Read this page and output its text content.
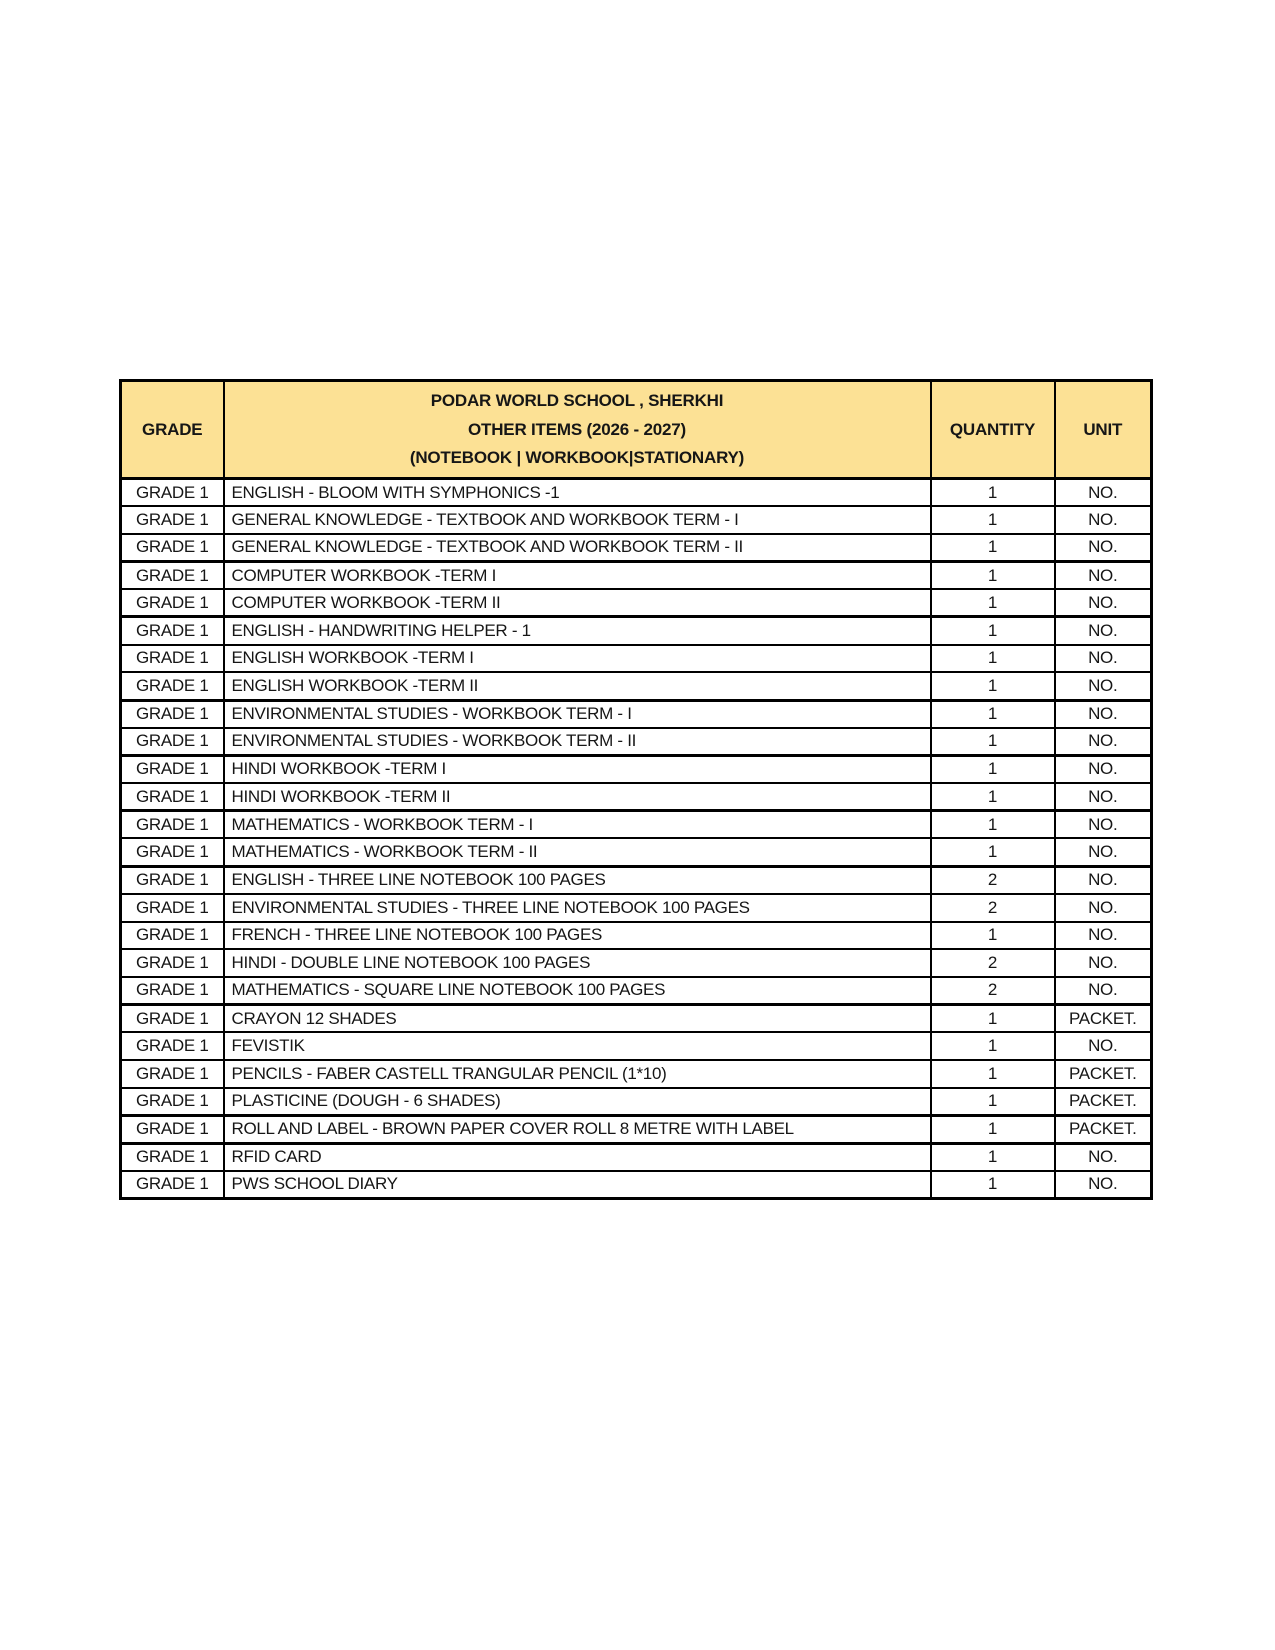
GRADE	PODAR WORLD SCHOOL , SHERKHI
OTHER ITEMS (2026 - 2027)
(NOTEBOOK | WORKBOOK|STATIONARY)	QUANTITY	UNIT
GRADE 1	ENGLISH - BLOOM WITH SYMPHONICS -1	1	NO.
GRADE 1	GENERAL KNOWLEDGE - TEXTBOOK AND WORKBOOK TERM - I	1	NO.
GRADE 1	GENERAL KNOWLEDGE - TEXTBOOK AND WORKBOOK TERM - II	1	NO.
GRADE 1	COMPUTER WORKBOOK -TERM I	1	NO.
GRADE 1	COMPUTER WORKBOOK -TERM II	1	NO.
GRADE 1	ENGLISH - HANDWRITING HELPER - 1	1	NO.
GRADE 1	ENGLISH WORKBOOK -TERM I	1	NO.
GRADE 1	ENGLISH WORKBOOK -TERM II	1	NO.
GRADE 1	ENVIRONMENTAL STUDIES - WORKBOOK TERM - I	1	NO.
GRADE 1	ENVIRONMENTAL STUDIES - WORKBOOK TERM - II	1	NO.
GRADE 1	HINDI WORKBOOK -TERM I	1	NO.
GRADE 1	HINDI WORKBOOK -TERM II	1	NO.
GRADE 1	MATHEMATICS - WORKBOOK TERM - I	1	NO.
GRADE 1	MATHEMATICS - WORKBOOK TERM - II	1	NO.
GRADE 1	ENGLISH - THREE LINE NOTEBOOK 100 PAGES	2	NO.
GRADE 1	ENVIRONMENTAL STUDIES - THREE LINE NOTEBOOK 100 PAGES	2	NO.
GRADE 1	FRENCH - THREE LINE NOTEBOOK 100 PAGES	1	NO.
GRADE 1	HINDI - DOUBLE LINE NOTEBOOK 100 PAGES	2	NO.
GRADE 1	MATHEMATICS - SQUARE LINE NOTEBOOK 100 PAGES	2	NO.
GRADE 1	CRAYON 12 SHADES	1	PACKET.
GRADE 1	FEVISTIK	1	NO.
GRADE 1	PENCILS - FABER CASTELL TRANGULAR PENCIL (1*10)	1	PACKET.
GRADE 1	PLASTICINE (DOUGH - 6 SHADES)	1	PACKET.
GRADE 1	ROLL AND LABEL - BROWN PAPER COVER ROLL 8 METRE WITH LABEL	1	PACKET.
GRADE 1	RFID CARD	1	NO.
GRADE 1	PWS SCHOOL DIARY	1	NO.
